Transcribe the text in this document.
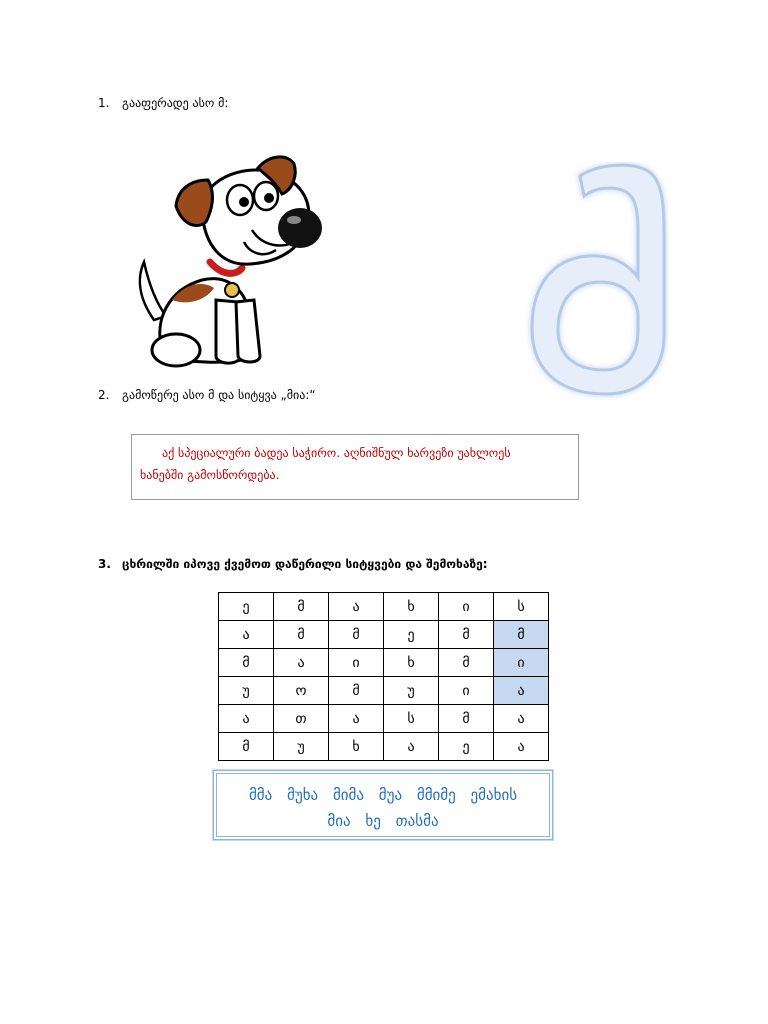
1. გააფერადე ასო მ:
2. გამოწერე ასო მ და სიტყვა „მია:“
აქ სპეციალური ბადეა საჭირო. აღნიშნულ ხარვეზი უახლოეს
ხანებში გამოსწორდება.
3. ცხრილში იპოვე ქვემოთ დაწერილი სიტყვები და შემოხაზე:
ე	მ	ა	ხ	ი	ს
ა	მ	მ	ე	მ	მ
მ	ა	ი	ხ	მ	ი
უ	ო	მ	უ	ი	ა
ა	თ	ა	ს	მ	ა
მ	უ	ხ	ა	ე	ა
მმა მუხა მიმა მუა მმიმე ემახის
მია ხე თასმა
